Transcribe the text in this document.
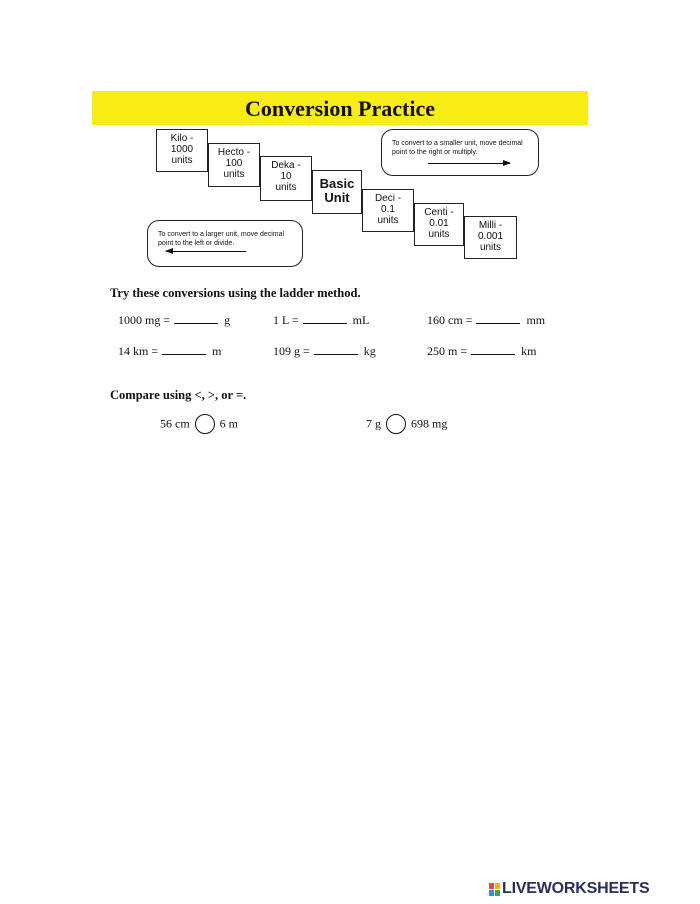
Conversion Practice
Kilo -
1000
units
Hecto -
100
units
Deka -
10
units	Basic
Unit	Deci -
0.1
units
Centi -
0.01
units
Milli -
0.001
units
To convert to a smaller unit, move decimal point to the right or multiply.
To convert to a larger unit, move decimal point to the left or divide.
Try these conversions using the ladder method.
1000 mg =	g	1 L =	mL	160 cm =	mm
14 km =	m	109 g =	kg	250 m =	km
Compare using <, >, or =.
56 cm	6 m	7 g	698 mg
LIVEWORKSHEETS
